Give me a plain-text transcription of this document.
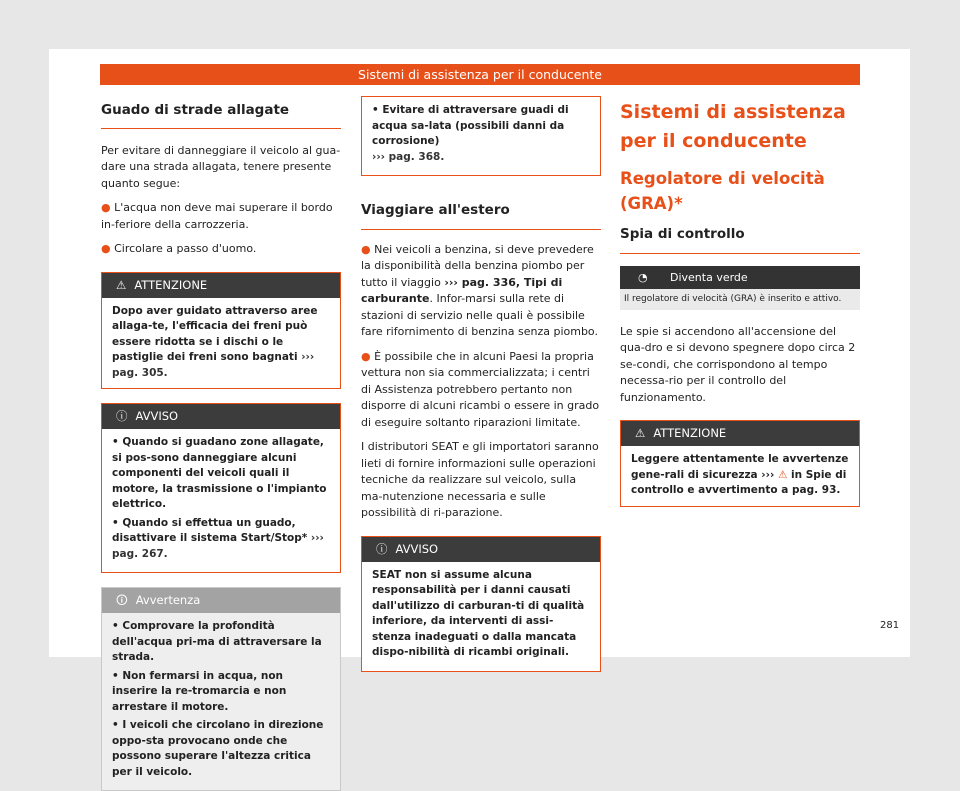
Sistemi di assistenza per il conducente
Guado di strade allagate

Per evitare di danneggiare il veicolo al gua-dare una strada allagata, tenere presente quanto segue:

● L'acqua non deve mai superare il bordo in-feriore della carrozzeria.

● Circolare a passo d'uomo.

⚠ ATTENZIONE
Dopo aver guidato attraverso aree allaga-te, l'efficacia dei freni può essere ridotta se i dischi o le pastiglie dei freni sono bagnati ››› pag. 305.
ⓘ AVVISO

• Quando si guadano zone allagate, si pos-sono danneggiare alcuni componenti del veicoli quali il motore, la trasmissione o l'impianto elettrico.

• Quando si effettua un guado, disattivare il sistema Start/Stop* ››› pag. 267.

🛈 Avvertenza

• Comprovare la profondità dell'acqua pri-ma di attraversare la strada.

• Non fermarsi in acqua, non inserire la re-tromarcia e non arrestare il motore.

• I veicoli che circolano in direzione oppo-sta provocano onde che possono superare l'altezza critica per il veicolo.

• Evitare di attraversare guadi di acqua sa-lata (possibili danni da corrosione)
››› pag. 368.

Viaggiare all'estero

● Nei veicoli a benzina, si deve prevedere la disponibilità della benzina piombo per tutto il viaggio ››› pag. 336, Tipi di carburante. Infor-marsi sulla rete di stazioni di servizio nelle quali è possibile fare rifornimento di benzina senza piombo.

● È possibile che in alcuni Paesi la propria vettura non sia commercializzata; i centri di Assistenza potrebbero pertanto non disporre di alcuni ricambi o essere in grado di eseguire soltanto riparazioni limitate.

I distributori SEAT e gli importatori saranno lieti di fornire informazioni sulle operazioni tecniche da realizzare sul veicolo, sulla ma-nutenzione necessaria e sulle possibilità di ri-parazione.

ⓘ AVVISO

SEAT non si assume alcuna responsabilità per i danni causati dall'utilizzo di carburan-ti di qualità inferiore, da interventi di assi-stenza inadeguati o dalla mancata dispo-nibilità di ricambi originali.

Sistemi di assistenza per il conducente
Regolatore di velocità (GRA)*
Spia di controllo
◔ Diventa verde
Il regolatore di velocità (GRA) è inserito e attivo.

Le spie si accendono all'accensione del qua-dro e si devono spegnere dopo circa 2 se-condi, che corrispondono al tempo necessa-rio per il controllo del funzionamento.

⚠ ATTENZIONE
Leggere attentamente le avvertenze gene-rali di sicurezza ››› ⚠ in Spie di controllo e avvertimento a pag. 93.
281
